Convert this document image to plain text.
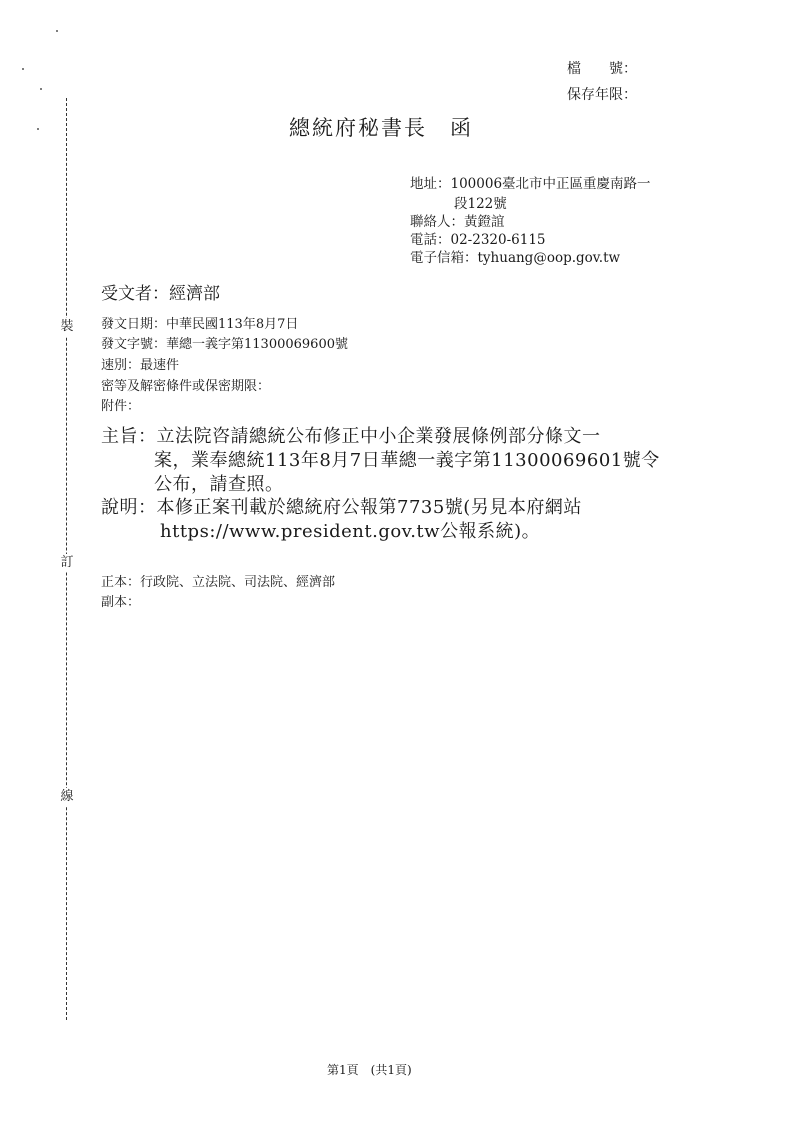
檔　　號：
保存年限：
裝
訂
線
總統府秘書長　函
地址：100006臺北市中正區重慶南路一
段122號
聯絡人：黃鐙誼
電話：02-2320-6115
電子信箱：tyhuang@oop.gov.tw
受文者：經濟部
發文日期：中華民國113年8月7日
發文字號：華總一義字第11300069600號
速別：最速件
密等及解密條件或保密期限：
附件：
主旨：立法院咨請總統公布修正中小企業發展條例部分條文一
案，業奉總統113年8月7日華總一義字第11300069601號令
公布，請查照。
說明：本修正案刊載於總統府公報第7735號(另見本府網站
https://www.president.gov.tw公報系統)。
正本：行政院、立法院、司法院、經濟部
副本：
第1頁　(共1頁)
